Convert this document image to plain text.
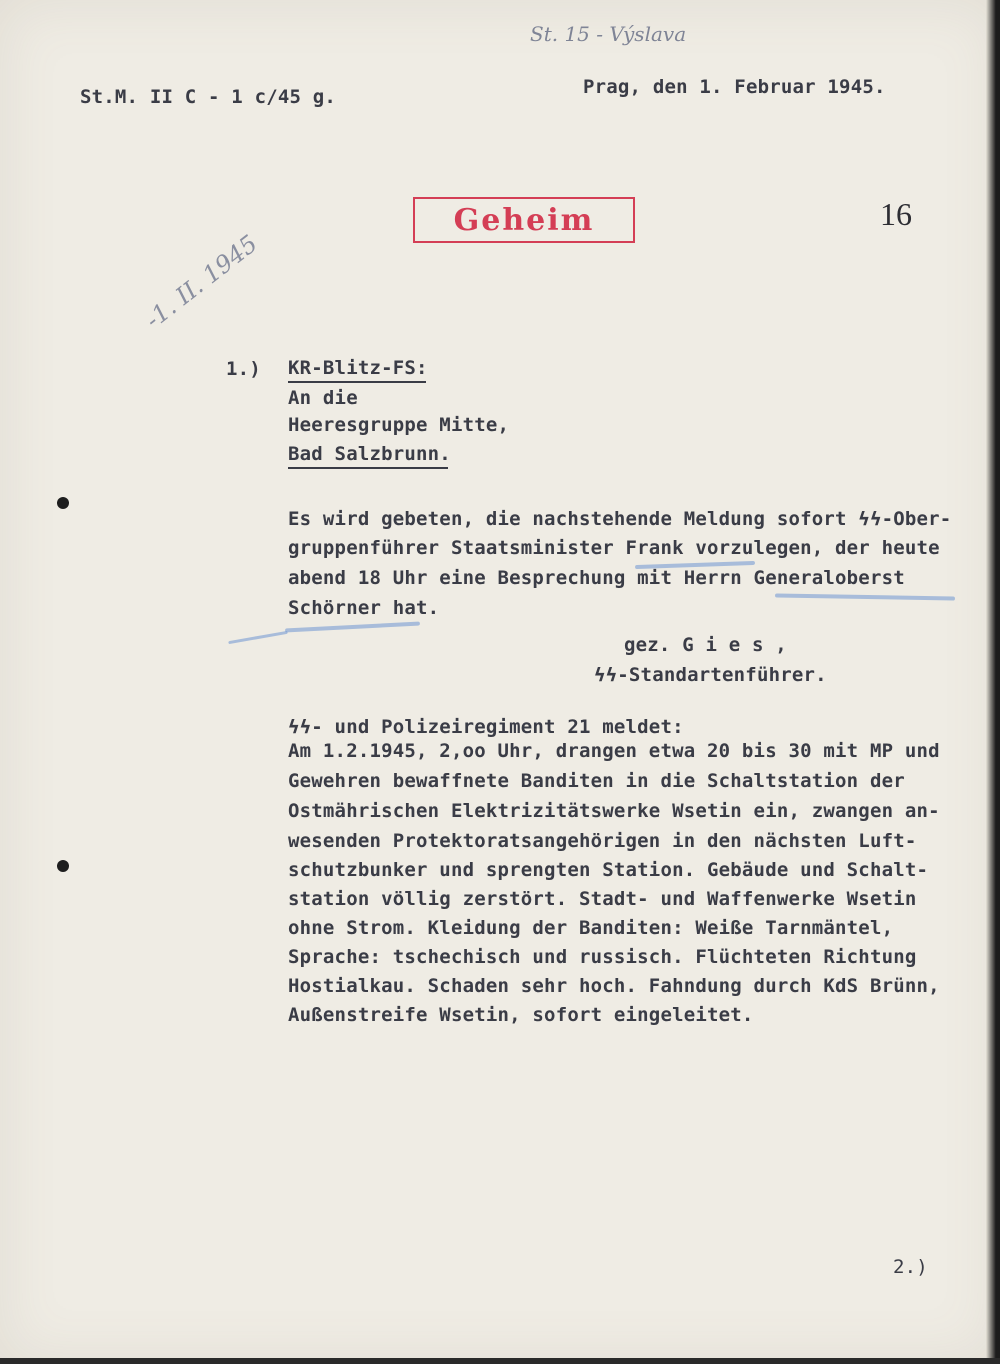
St. 15 - Výslava
St.M. II C - 1 c/45 g.	Prag, den 1. Februar 1945.
Geheim	16
-1. II. 1945
1.) KR-Blitz-FS:
An die
Heeresgruppe Mitte,
Bad Salzbrunn.
Es wird gebeten, die nachstehende Meldung sofort ϟϟ-Ober-
gruppenführer Staatsminister Frank vorzulegen, der heute
abend 18 Uhr eine Besprechung mit Herrn Generaloberst
Schörner hat.
gez. G i e s ,
ϟϟ-Standartenführer.
ϟϟ- und Polizeiregiment 21 meldet:
Am 1.2.1945, 2,oo Uhr, drangen etwa 20 bis 30 mit MP und
Gewehren bewaffnete Banditen in die Schaltstation der
Ostmährischen Elektrizitätswerke Wsetin ein, zwangen an-
wesenden Protektoratsangehörigen in den nächsten Luft-
schutzbunker und sprengten Station. Gebäude und Schalt-
station völlig zerstört. Stadt- und Waffenwerke Wsetin
ohne Strom. Kleidung der Banditen: Weiße Tarnmäntel,
Sprache: tschechisch und russisch. Flüchteten Richtung
Hostialkau. Schaden sehr hoch. Fahndung durch KdS Brünn,
Außenstreife Wsetin, sofort eingeleitet.
2.)
